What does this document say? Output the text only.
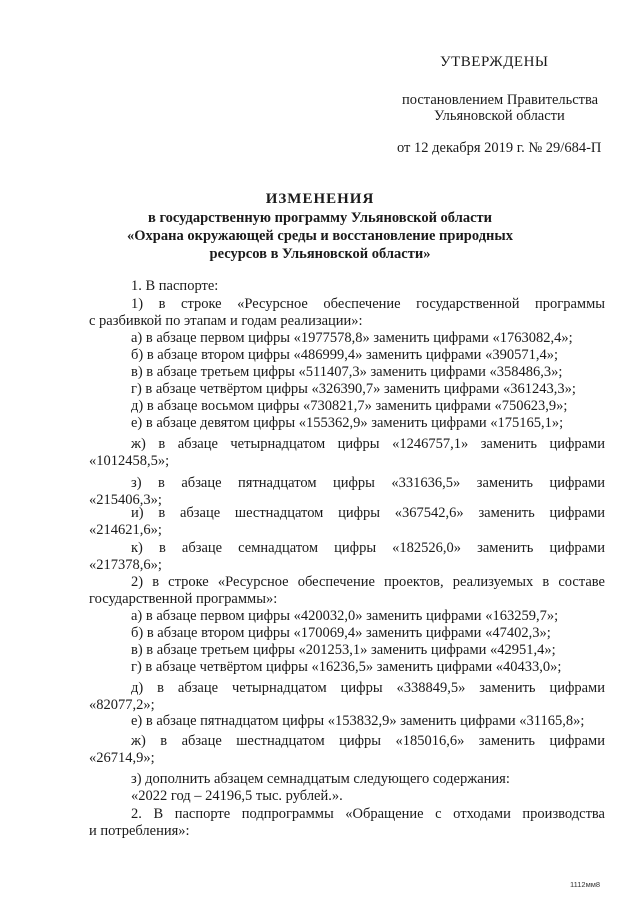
УТВЕРЖДЕНЫ
постановлением Правительства
Ульяновской области
от 12 декабря 2019 г. № 29/684-П
ИЗМЕНЕНИЯ
в государственную программу Ульяновской области
«Охрана окружающей среды и восстановление природных
ресурсов в Ульяновской области»
1. В паспорте:
1) в строке «Ресурсное обеспечение государственной программы
с разбивкой по этапам и годам реализации»:
а) в абзаце первом цифры «1977578,8» заменить цифрами «1763082,4»;
б) в абзаце втором цифры «486999,4» заменить цифрами «390571,4»;
в) в абзаце третьем цифры «511407,3» заменить цифрами «358486,3»;
г) в абзаце четвёртом цифры «326390,7» заменить цифрами «361243,3»;
д) в абзаце восьмом цифры «730821,7» заменить цифрами «750623,9»;
е) в абзаце девятом цифры «155362,9» заменить цифрами «175165,1»;
ж) в абзаце четырнадцатом цифры «1246757,1» заменить цифрами
«1012458,5»;
з) в абзаце пятнадцатом цифры «331636,5» заменить цифрами
«215406,3»;
и) в абзаце шестнадцатом цифры «367542,6» заменить цифрами
«214621,6»;
к) в абзаце семнадцатом цифры «182526,0» заменить цифрами
«217378,6»;
2) в строке «Ресурсное обеспечение проектов, реализуемых в составе
государственной программы»:
а) в абзаце первом цифры «420032,0» заменить цифрами «163259,7»;
б) в абзаце втором цифры «170069,4» заменить цифрами «47402,3»;
в) в абзаце третьем цифры «201253,1» заменить цифрами «42951,4»;
г) в абзаце четвёртом цифры «16236,5» заменить цифрами «40433,0»;
д) в абзаце четырнадцатом цифры «338849,5» заменить цифрами
«82077,2»;
е) в абзаце пятнадцатом цифры «153832,9» заменить цифрами «31165,8»;
ж) в абзаце шестнадцатом цифры «185016,6» заменить цифрами
«26714,9»;
з) дополнить абзацем семнадцатым следующего содержания:
«2022 год – 24196,5 тыс. рублей.».
2. В паспорте подпрограммы «Обращение с отходами производства
и потребления»:
1112мм8
